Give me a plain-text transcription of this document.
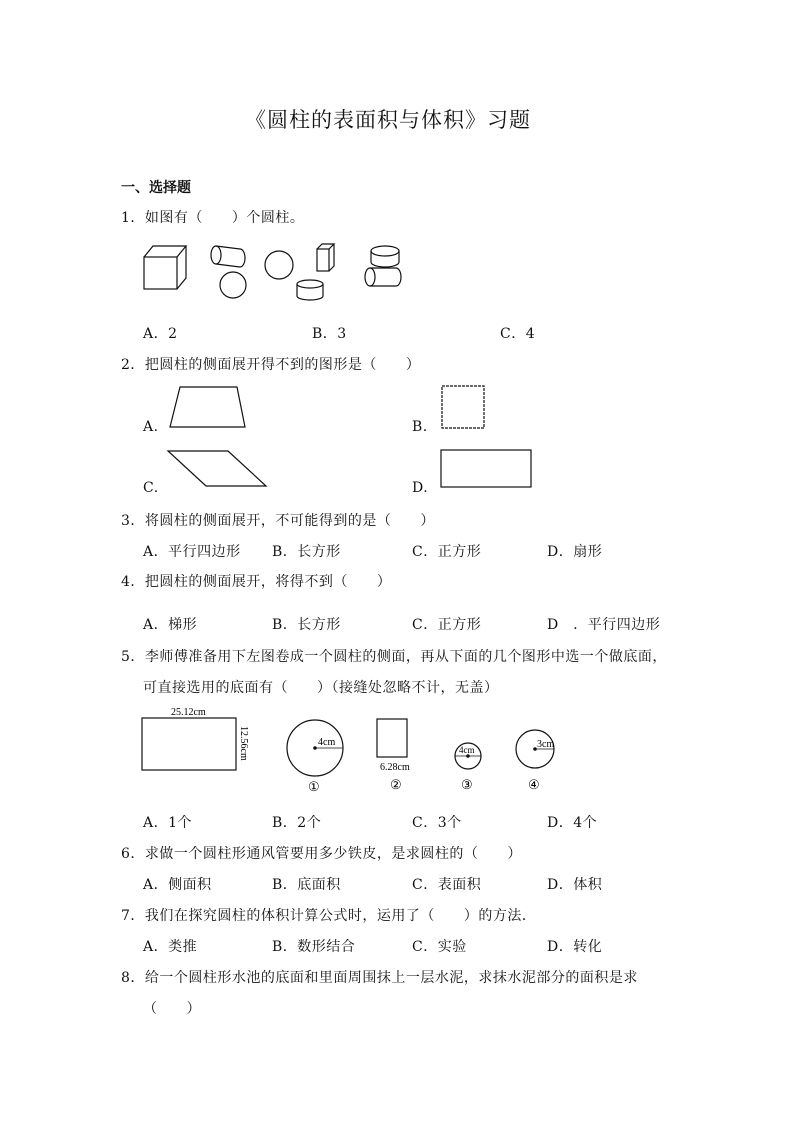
《圆柱的表面积与体积》习题
一、选择题
1．如图有（　　）个圆柱。
A．2	B．3	C．4
2．把圆柱的侧面展开得不到的图形是（　　）
A.	B.
C.	D.
3．将圆柱的侧面展开，不可能得到的是（　　）
A．平行四边形 B．长方形	C．正方形	D．扇形
4．把圆柱的侧面展开，将得不到（　　）
A．梯形	B．长方形	C．正方形	D　．平行四边形
5．李师傅准备用下左图卷成一个圆柱的侧面，再从下面的几个图形中选一个做底面，
可直接选用的底面有（　　）（接缝处忽略不计，无盖）
25.12cm
12.56cm	4cm
6.28cm
4cm	3cm
①	②	③	④
A．1个	B．2个	C．3个	D．4个
6．求做一个圆柱形通风管要用多少铁皮，是求圆柱的（　　）
A．侧面积	B．底面积	C．表面积	D．体积
7．我们在探究圆柱的体积计算公式时，运用了（　　）的方法．
A．类推	B．数形结合	C．实验	D．转化
8．给一个圆柱形水池的底面和里面周围抹上一层水泥，求抹水泥部分的面积是求
（　　）
